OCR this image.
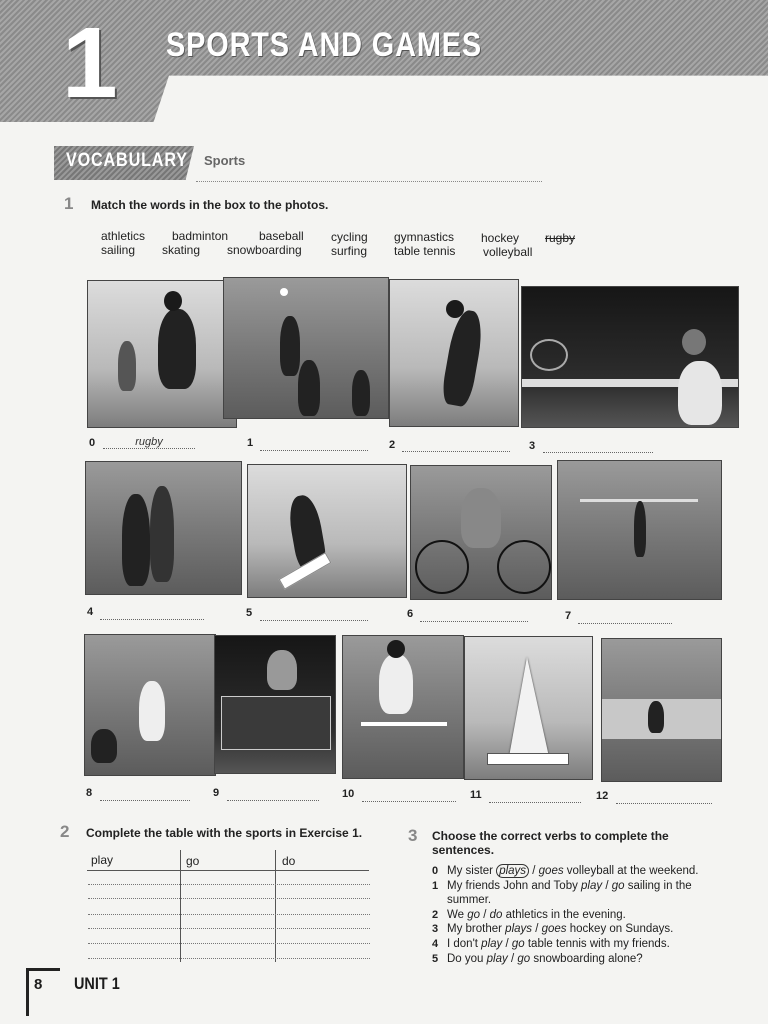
1 SPORTS AND GAMES
VOCABULARY Sports
1 Match the words in the box to the photos.
athletics badminton	baseball cycling gymnastics hockey rugby
sailing skating snowboarding surfing table tennis volleyball
0	rugby	1	2	3
4	5	6	7
8	9	10	11	12
2 Complete the table with the sports in Exercise 1.
play	go	do
3 Choose the correct verbs to complete the
sentences.
0 My sister plays / goes volleyball at the weekend.
1 My friends John and Toby play / go sailing in the
summer.
2 We go / do athletics in the evening.
3 My brother plays / goes hockey on Sundays.
4 I don't play / go table tennis with my friends.
5 Do you play / go snowboarding alone?
8 UNIT 1
